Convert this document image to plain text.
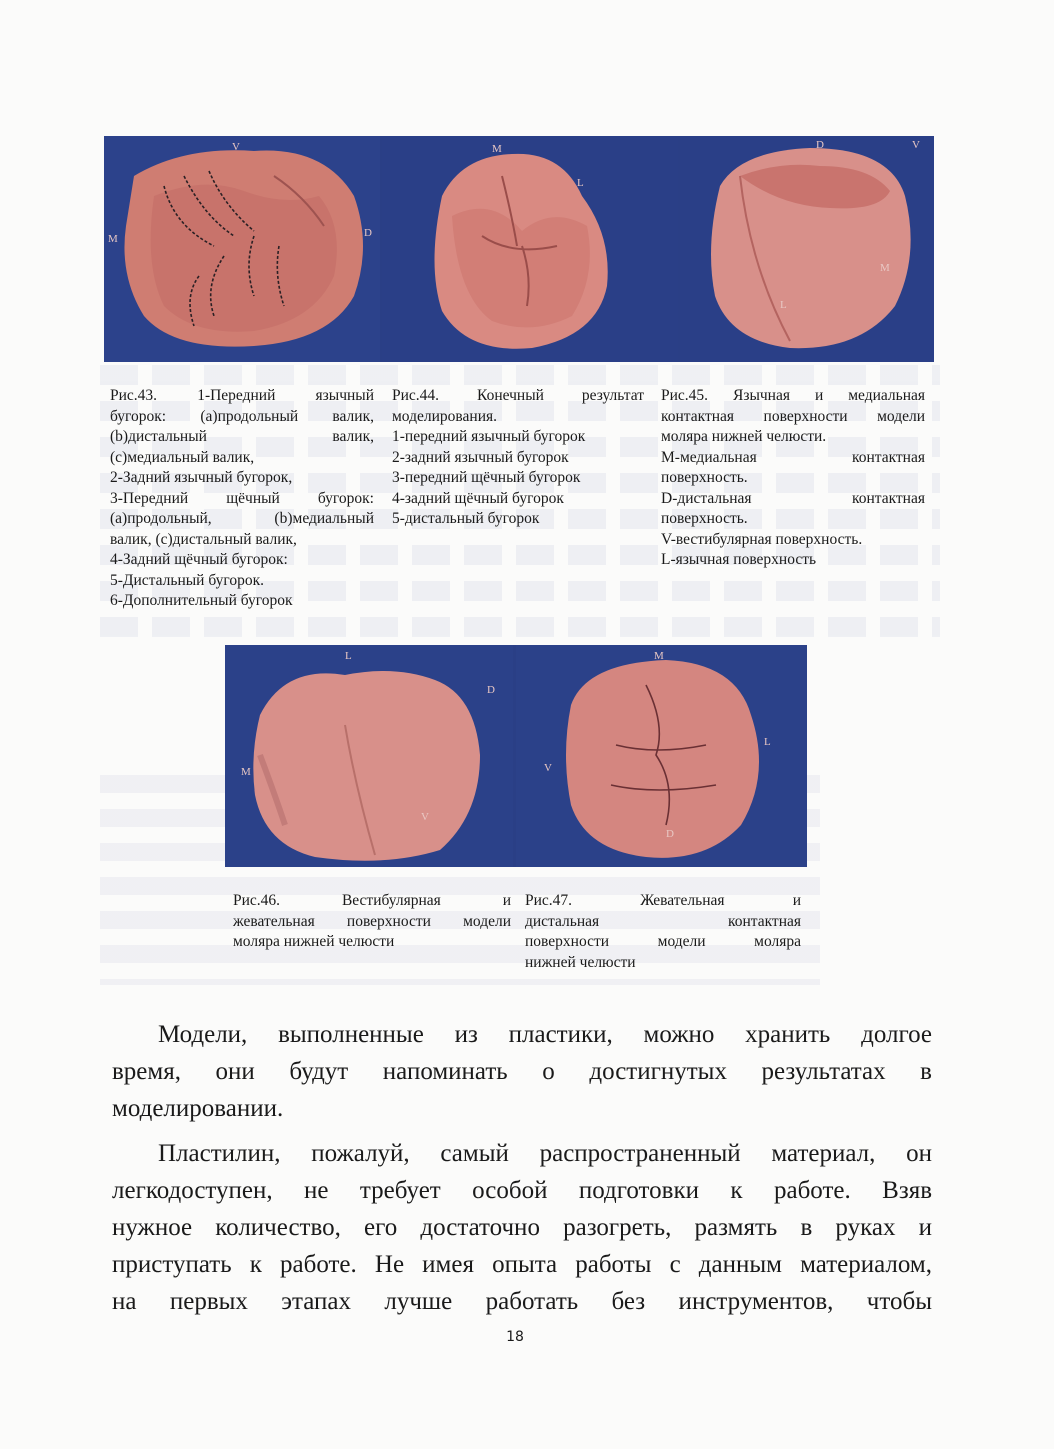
V
M	D
M
L
D	V
M
L
Рис.43. 1-Передний язычный
бугорок: (а)продольный валик,
(b)дистальный валик,
(с)медиальный валик,
2-Задний язычный бугорок,
3-Передний щёчный бугорок:
(а)продольный, (b)медиальный
валик, (с)дистальный валик,
4-Задний щёчный бугорок:
5-Дистальный бугорок.
6-Дополнительный бугорок
Рис.44. Конечный результат
моделирования.
1-передний язычный бугорок
2-задний язычный бугорок
3-передний щёчный бугорок
4-задний щёчный бугорок
5-дистальный бугорок
Рис.45. Язычная и медиальная
контактная поверхности модели
моляра нижней челюсти.
М-медиальная контактная
поверхность.
D-дистальная контактная
поверхность.
V-вестибулярная поверхность.
L-язычная поверхность
L
D
M
V
M
L
V
D
Рис.46. Вестибулярная и
жевательная поверхности модели
моляра нижней челюсти
Рис.47. Жевательная и
дистальная контактная
поверхности модели моляра
нижней челюсти

Модели, выполненные из пластики, можно хранить долгое

время, они будут напоминать о достигнутых результатах в

моделировании.

Пластилин, пожалуй, самый распространенный материал, он

легкодоступен, не требует особой подготовки к работе. Взяв

нужное количество, его достаточно разогреть, размять в руках и

приступать к работе. Не имея опыта работы с данным материалом,

на первых этапах лучше работать без инструментов, чтобы

18
